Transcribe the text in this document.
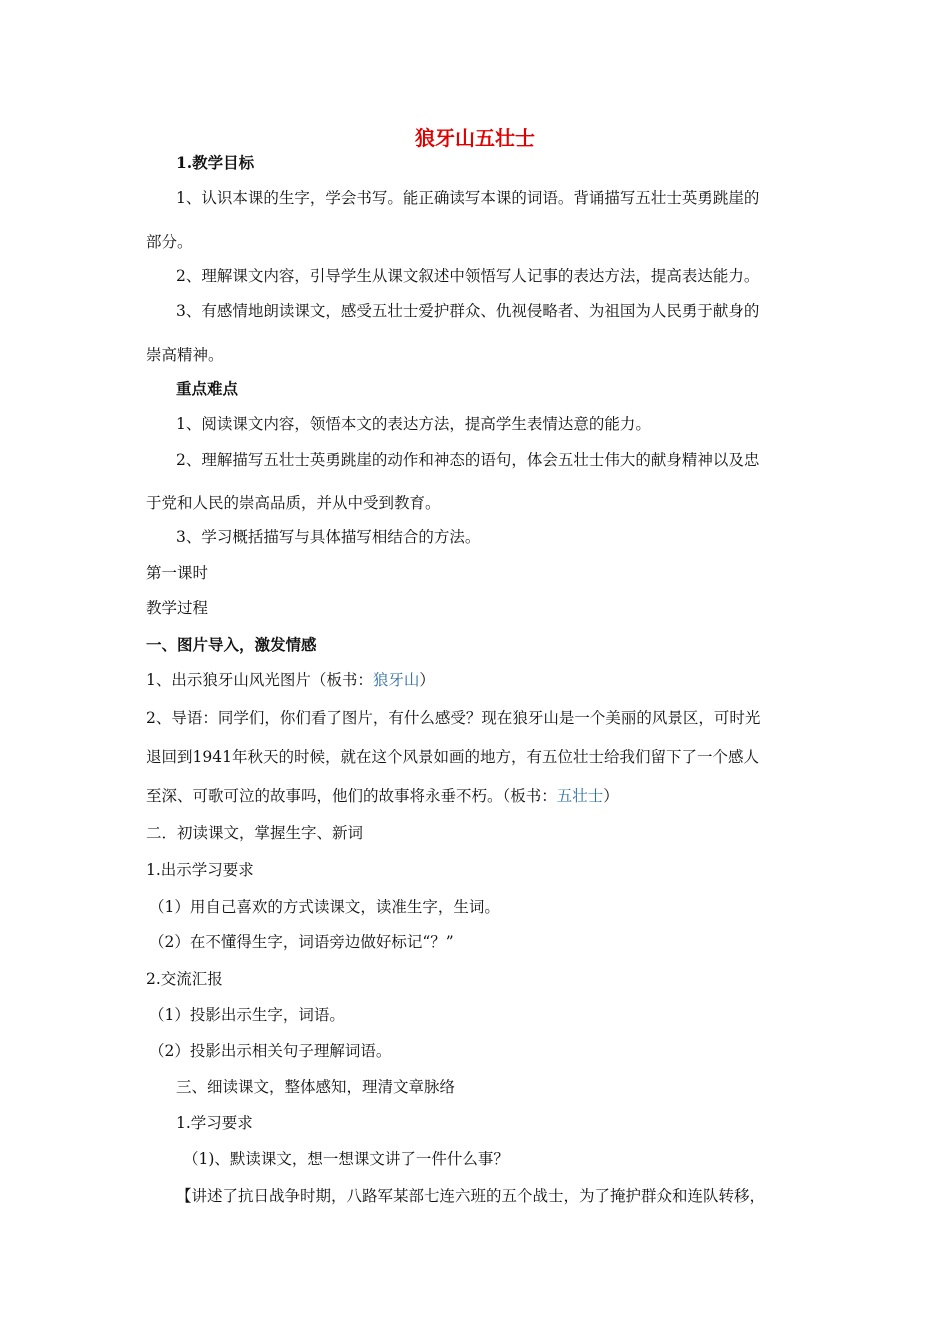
狼牙山五壮士
1.教学目标
1、认识本课的生字，学会书写。能正确读写本课的词语。背诵描写五壮士英勇跳崖的
部分。
2、理解课文内容，引导学生从课文叙述中领悟写人记事的表达方法，提高表达能力。
3、有感情地朗读课文，感受五壮士爱护群众、仇视侵略者、为祖国为人民勇于献身的
崇高精神。
重点难点
1、阅读课文内容，领悟本文的表达方法，提高学生表情达意的能力。
2、理解描写五壮士英勇跳崖的动作和神态的语句，体会五壮士伟大的献身精神以及忠
于党和人民的崇高品质，并从中受到教育。
3、学习概括描写与具体描写相结合的方法。
第一课时
教学过程
一、图片导入，激发情感
1、出示狼牙山风光图片（板书：狼牙山）
2、导语：同学们，你们看了图片，有什么感受？现在狼牙山是一个美丽的风景区，可时光
退回到1941年秋天的时候，就在这个风景如画的地方，有五位壮士给我们留下了一个感人
至深、可歌可泣的故事吗，他们的故事将永垂不朽。（板书：五壮士）
二．初读课文，掌握生字、新词
1.出示学习要求
（1）用自己喜欢的方式读课文，读准生字，生词。
（2）在不懂得生字，词语旁边做好标记“？”
2.交流汇报
（1）投影出示生字，词语。
（2）投影出示相关句子理解词语。
三、细读课文，整体感知，理清文章脉络
1.学习要求
（1)、默读课文，想一想课文讲了一件什么事？
【讲述了抗日战争时期，八路军某部七连六班的五个战士，为了掩护群众和连队转移，
